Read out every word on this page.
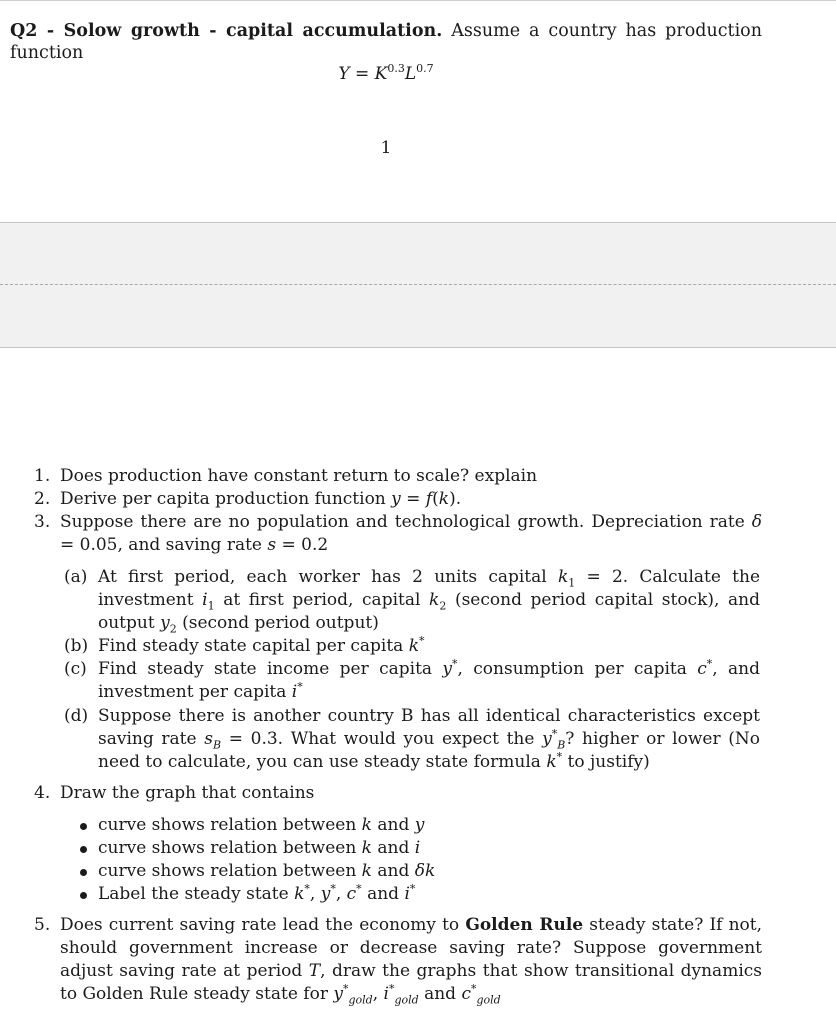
Q2 - Solow growth - capital accumulation. Assume a country has production function
$Y = K^{0.3}L^{0.7}$
1
1. Does production have constant return to scale? explain
2. Derive per capita production function y = f(k).
3. Suppose there are no population and technological growth. Depreciation rate δ = 0.05, and saving rate s = 0.2
(a) At first period, each worker has 2 units capital $k_1 = 2$. Calculate the investment $i_1$ at first period, capital $k_2$ (second period capital stock), and output $y_2$ (second period output)
(b) Find steady state capital per capita k*
(c) Find steady state income per capita y*, consumption per capita c*, and investment per capita i*
(d) Suppose there is another country B has all identical characteristics except saving rate $s_B = 0.3$. What would you expect the $y^*_B$? higher or lower (No need to calculate, you can use steady state formula k* to justify)
4. Draw the graph that contains
curve shows relation between k and y
curve shows relation between k and i
curve shows relation between k and δk
Label the steady state k*, y*, c* and i*
5. Does current saving rate lead the economy to Golden Rule steady state? If not, should government increase or decrease saving rate? Suppose government adjust saving rate at period T, draw the graphs that show transitional dynamics to Golden Rule steady state for $y^*_{gold}$, $i^*_{gold}$ and $c^*_{gold}$
